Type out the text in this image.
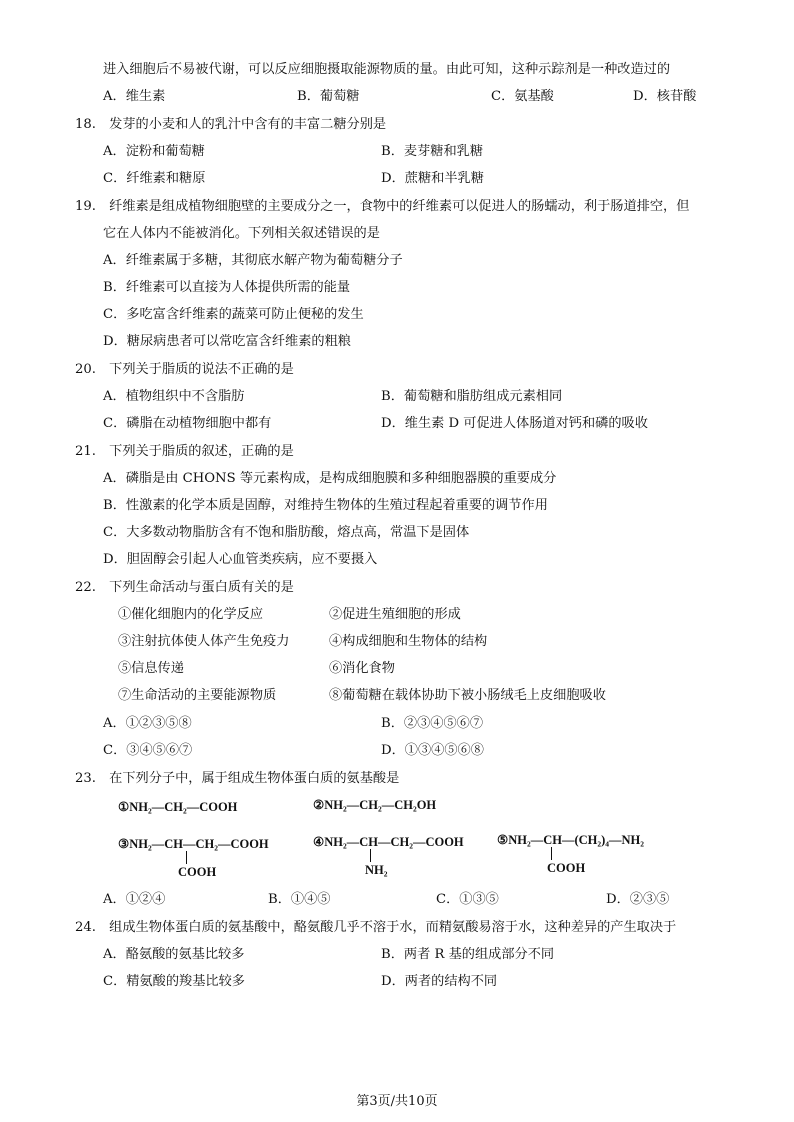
进入细胞后不易被代谢，可以反应细胞摄取能源物质的量。由此可知，这种示踪剂是一种改造过的
A．维生素	B．葡萄糖	C．氨基酸	D．核苷酸
18.　发芽的小麦和人的乳汁中含有的丰富二糖分别是
A．淀粉和葡萄糖	B．麦芽糖和乳糖
C．纤维素和糖原	D．蔗糖和半乳糖
19.　纤维素是组成植物细胞壁的主要成分之一，食物中的纤维素可以促进人的肠蠕动，利于肠道排空，但
它在人体内不能被消化。下列相关叙述错误的是
A．纤维素属于多糖，其彻底水解产物为葡萄糖分子
B．纤维素可以直接为人体提供所需的能量
C．多吃富含纤维素的蔬菜可防止便秘的发生
D．糖尿病患者可以常吃富含纤维素的粗粮
20.　下列关于脂质的说法不正确的是
A．植物组织中不含脂肪	B．葡萄糖和脂肪组成元素相同
C．磷脂在动植物细胞中都有	D．维生素 D 可促进人体肠道对钙和磷的吸收
21.　下列关于脂质的叙述，正确的是
A．磷脂是由 CHONS 等元素构成，是构成细胞膜和多种细胞器膜的重要成分
B．性激素的化学本质是固醇，对维持生物体的生殖过程起着重要的调节作用
C．大多数动物脂肪含有不饱和脂肪酸，熔点高，常温下是固体
D．胆固醇会引起人心血管类疾病，应不要摄入
22.　下列生命活动与蛋白质有关的是
①催化细胞内的化学反应	②促进生殖细胞的形成
③注射抗体使人体产生免疫力	④构成细胞和生物体的结构
⑤信息传递	⑥消化食物
⑦生命活动的主要能源物质	⑧葡萄糖在载体协助下被小肠绒毛上皮细胞吸收
A．①②③⑤⑧	B．②③④⑤⑥⑦
C．③④⑤⑥⑦	D．①③④⑤⑥⑧
23.　在下列分子中，属于组成生物体蛋白质的氨基酸是
①NH₂—CH₂—COOH	②NH₂—CH₂—CH₂OH
③NH₂—CH—CH₂—COOH
COOH
④NH₂—CH—CH₂—COOH
NH₂
⑤NH₂—CH—(CH₂)₄—NH₂
COOH
A．①②④	B．①④⑤	C．①③⑤	D．②③⑤
24.　组成生物体蛋白质的氨基酸中，酪氨酸几乎不溶于水，而精氨酸易溶于水，这种差异的产生取决于
A．酪氨酸的氨基比较多	B．两者 R 基的组成部分不同
C．精氨酸的羧基比较多	D．两者的结构不同
第3页/共10页
